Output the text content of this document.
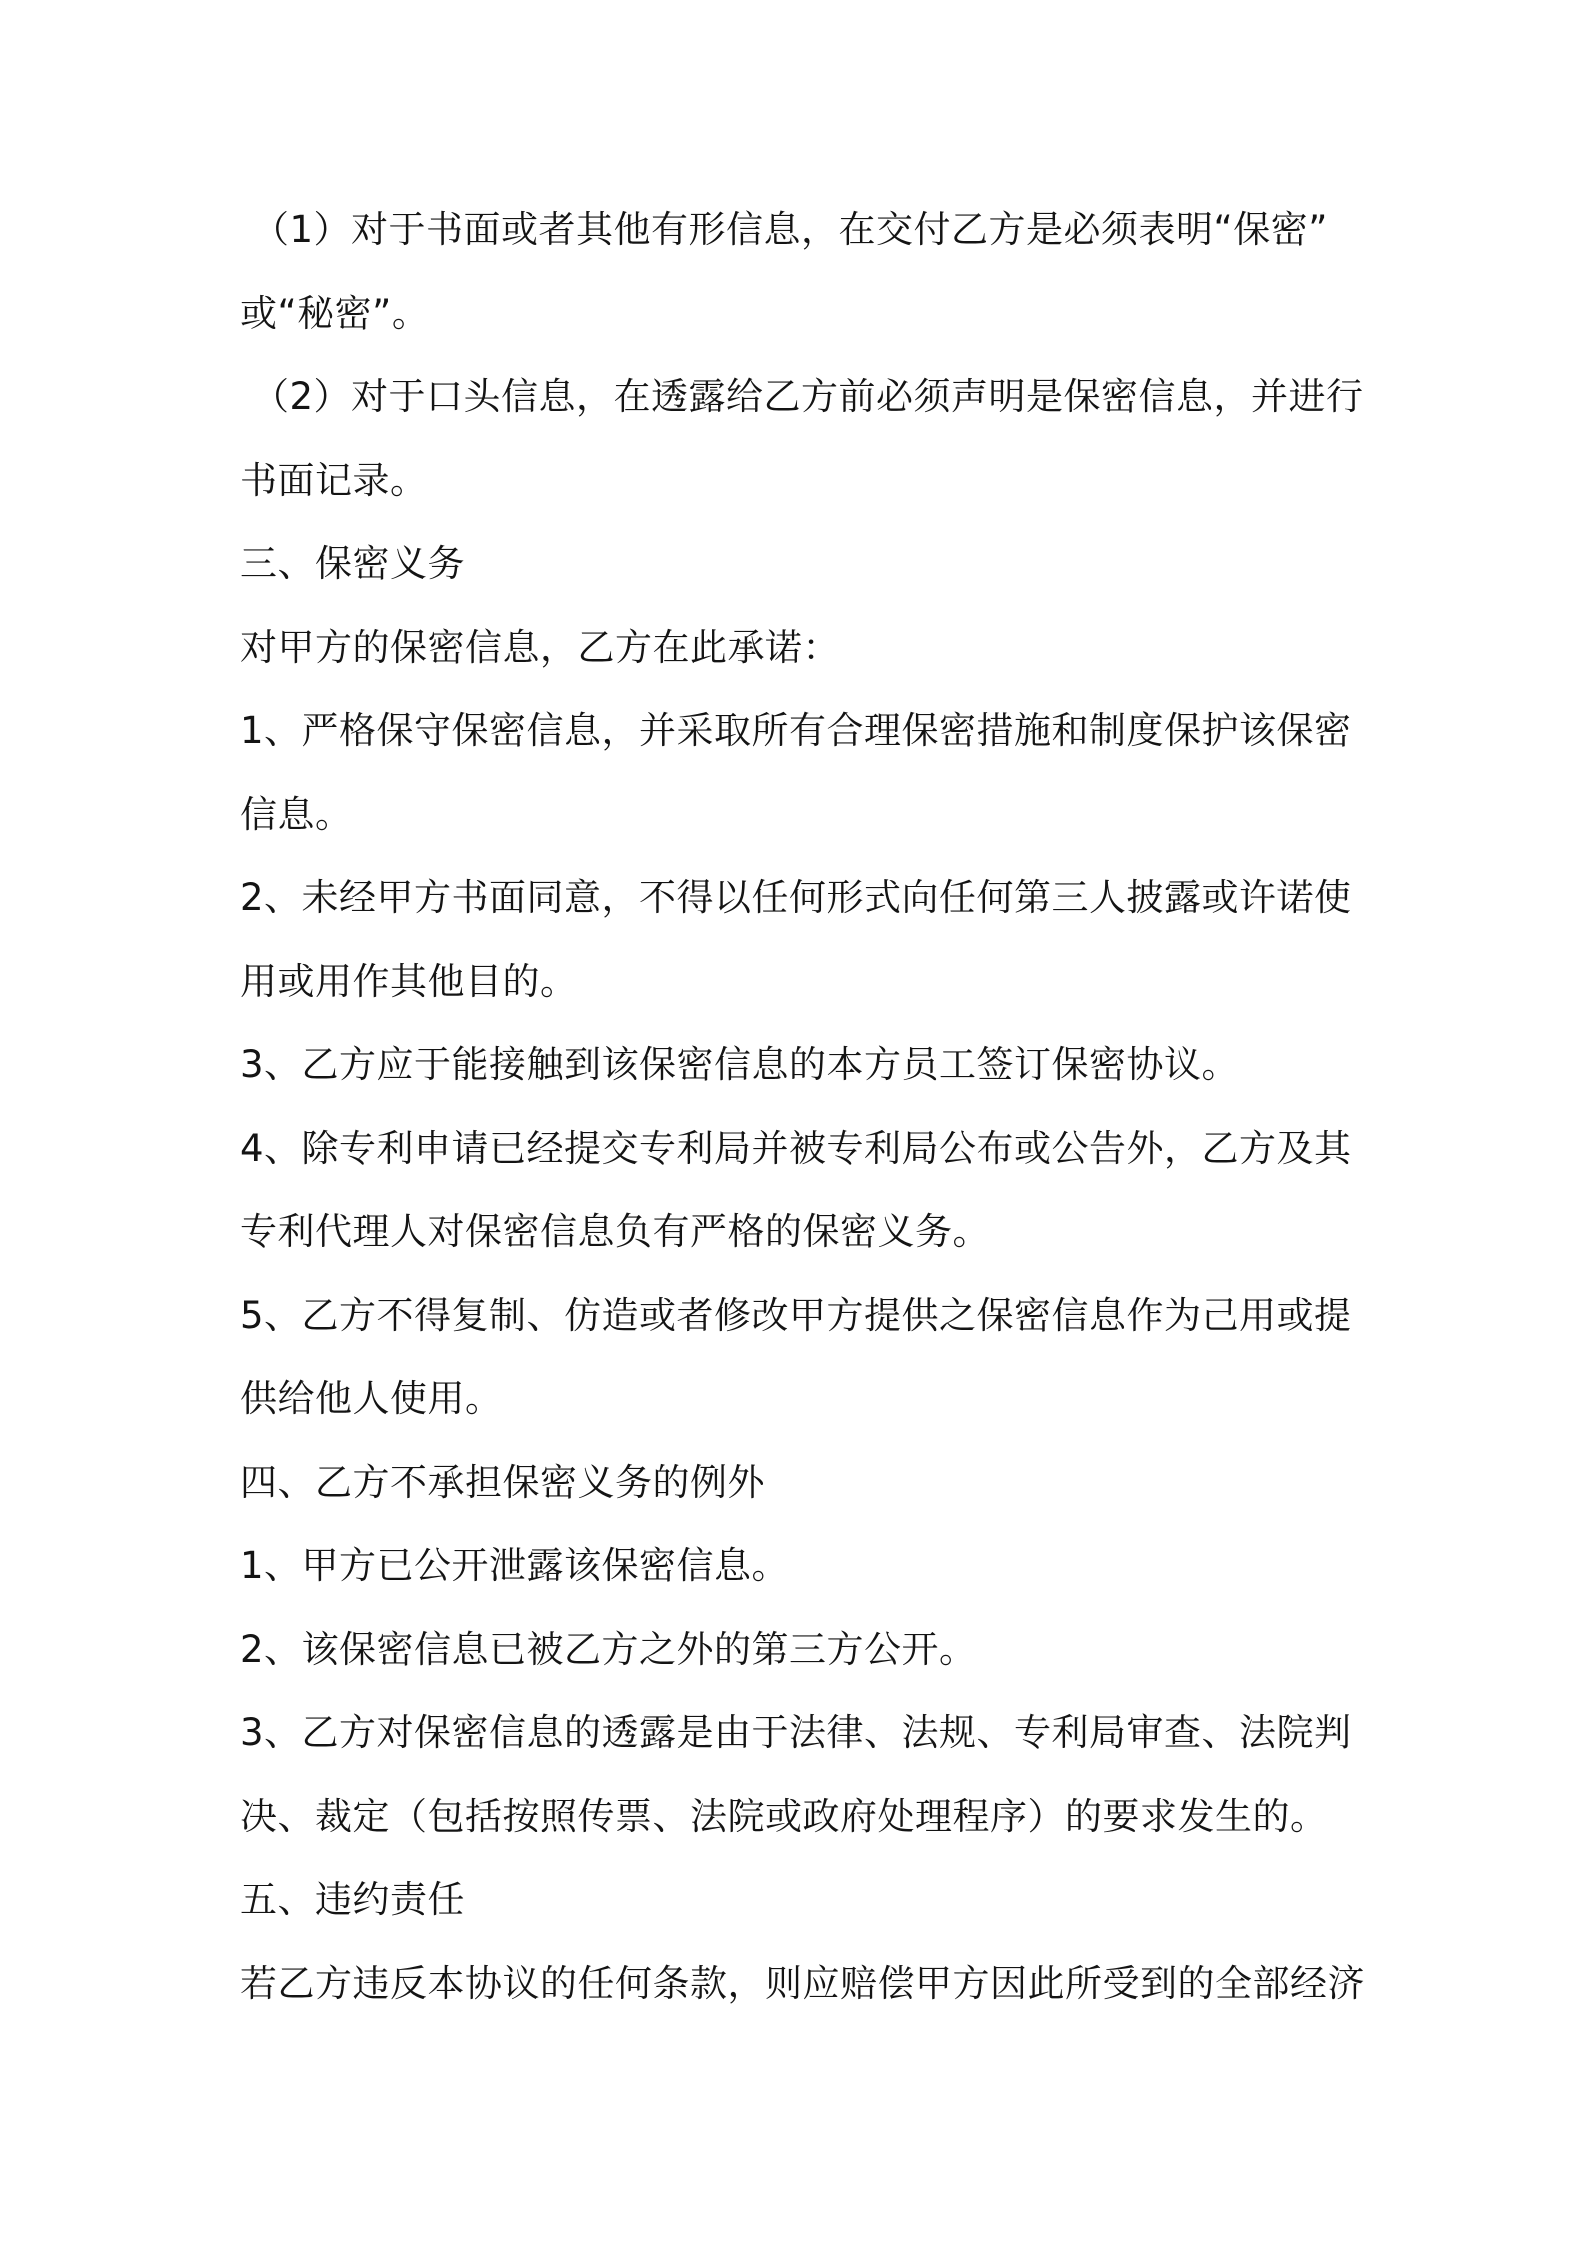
（1）对于书面或者其他有形信息，在交付乙方是必须表明“保密”
或“秘密”。
（2）对于口头信息，在透露给乙方前必须声明是保密信息，并进行
书面记录。
三、保密义务
对甲方的保密信息，乙方在此承诺：
1、严格保守保密信息，并采取所有合理保密措施和制度保护该保密
信息。
2、未经甲方书面同意，不得以任何形式向任何第三人披露或许诺使
用或用作其他目的。
3、乙方应于能接触到该保密信息的本方员工签订保密协议。
4、除专利申请已经提交专利局并被专利局公布或公告外，乙方及其
专利代理人对保密信息负有严格的保密义务。
5、乙方不得复制、仿造或者修改甲方提供之保密信息作为己用或提
供给他人使用。
四、乙方不承担保密义务的例外
1、甲方已公开泄露该保密信息。
2、该保密信息已被乙方之外的第三方公开。
3、乙方对保密信息的透露是由于法律、法规、专利局审查、法院判
决、裁定（包括按照传票、法院或政府处理程序）的要求发生的。
五、违约责任
若乙方违反本协议的任何条款，则应赔偿甲方因此所受到的全部经济
